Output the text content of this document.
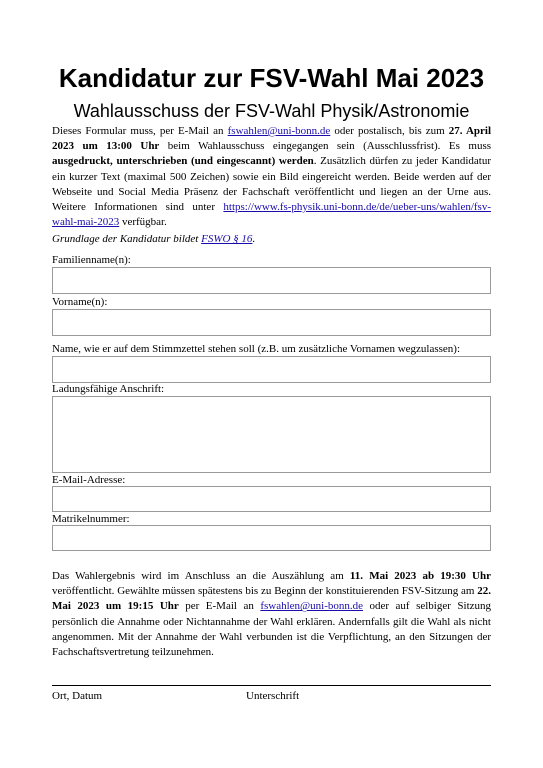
Kandidatur zur FSV-Wahl Mai 2023
Wahlausschuss der FSV-Wahl Physik/Astronomie

Dieses Formular muss, per E-Mail an fswahlen@uni-bonn.de oder postalisch, bis zum 27. April 2023 um 13:00 Uhr beim Wahlausschuss eingegangen sein (Ausschlussfrist). Es muss ausgedruckt, unterschrieben (und eingescannt) werden. Zusätzlich dürfen zu jeder Kandidatur ein kurzer Text (maximal 500 Zeichen) sowie ein Bild eingereicht werden. Beide werden auf der Webseite und Social Media Präsenz der Fachschaft veröffentlicht und liegen an der Urne aus. Weitere Informationen sind unter https://www.fs-physik.uni-bonn.de/de/ueber-uns/wahlen/fsv-wahl-mai-2023 verfügbar.

Grundlage der Kandidatur bildet FSWO § 16.

Familienname(n):
Vorname(n):
Name, wie er auf dem Stimmzettel stehen soll (z.B. um zusätzliche Vornamen wegzulassen):
Ladungsfähige Anschrift:
E-Mail-Adresse:
Matrikelnummer:

Das Wahlergebnis wird im Anschluss an die Auszählung am 11. Mai 2023 ab 19:30 Uhr veröffentlicht. Gewählte müssen spätestens bis zu Beginn der konstituierenden FSV-Sitzung am 22. Mai 2023 um 19:15 Uhr per E-Mail an fswahlen@uni-bonn.de oder auf selbiger Sitzung persönlich die Annahme oder Nichtannahme der Wahl erklären. Andernfalls gilt die Wahl als nicht angenommen. Mit der Annahme der Wahl verbunden ist die Verpflichtung, an den Sitzungen der Fachschaftsvertretung teilzunehmen.

Ort, Datum	Unterschrift
